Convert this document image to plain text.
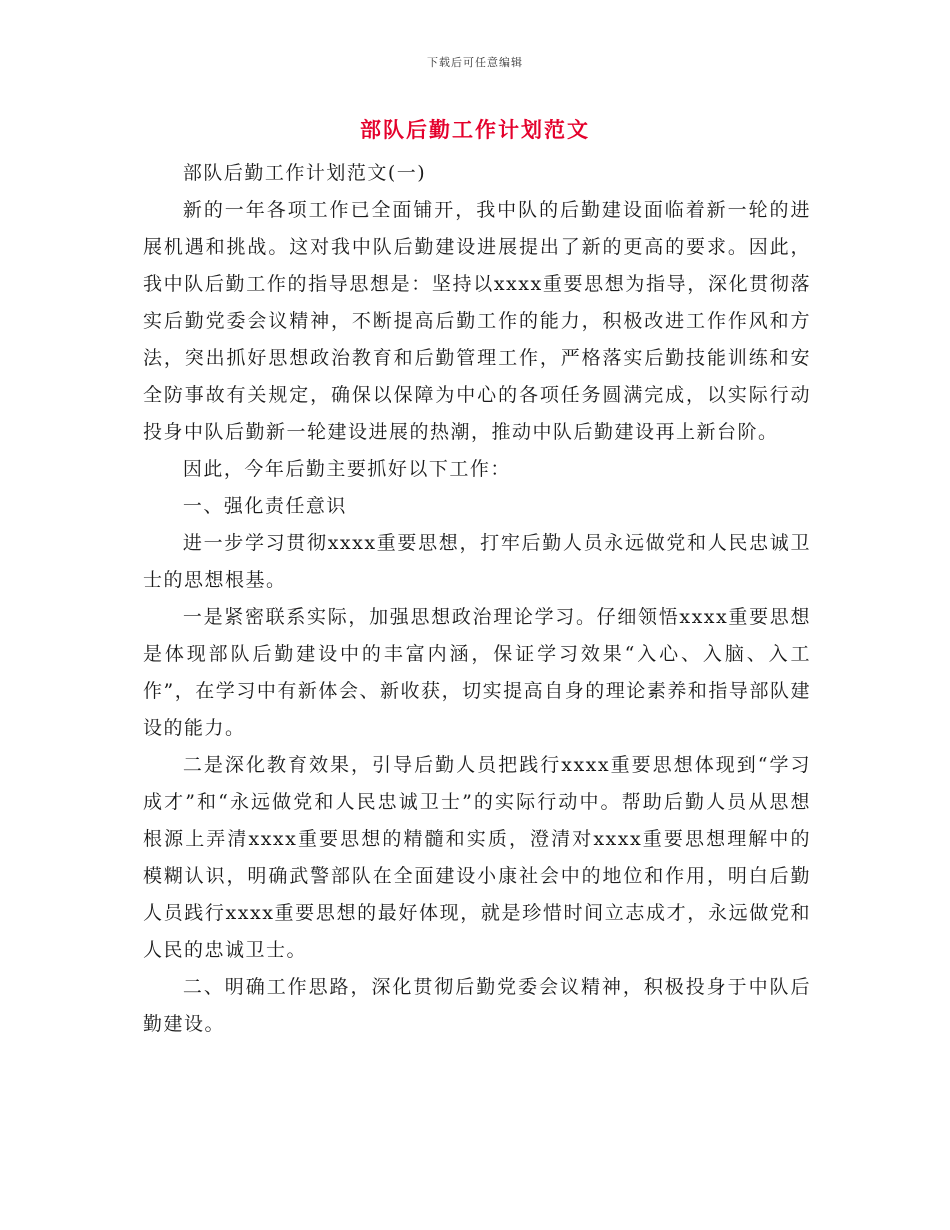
下载后可任意编辑
部队后勤工作计划范文

部队后勤工作计划范文(一)

新的一年各项工作已全面铺开，我中队的后勤建设面临着新一轮的进展机遇和挑战。这对我中队后勤建设进展提出了新的更高的要求。因此，我中队后勤工作的指导思想是：坚持以xxxx重要思想为指导，深化贯彻落实后勤党委会议精神，不断提高后勤工作的能力，积极改进工作作风和方法，突出抓好思想政治教育和后勤管理工作，严格落实后勤技能训练和安全防事故有关规定，确保以保障为中心的各项任务圆满完成，以实际行动投身中队后勤新一轮建设进展的热潮，推动中队后勤建设再上新台阶。

因此，今年后勤主要抓好以下工作：

一、强化责任意识

进一步学习贯彻xxxx重要思想，打牢后勤人员永远做党和人民忠诚卫士的思想根基。

一是紧密联系实际，加强思想政治理论学习。仔细领悟xxxx重要思想是体现部队后勤建设中的丰富内涵，保证学习效果“入心、入脑、入工作”，在学习中有新体会、新收获，切实提高自身的理论素养和指导部队建设的能力。

二是深化教育效果，引导后勤人员把践行xxxx重要思想体现到“学习成才”和“永远做党和人民忠诚卫士”的实际行动中。帮助后勤人员从思想根源上弄清xxxx重要思想的精髓和实质，澄清对xxxx重要思想理解中的模糊认识，明确武警部队在全面建设小康社会中的地位和作用，明白后勤人员践行xxxx重要思想的最好体现，就是珍惜时间立志成才，永远做党和人民的忠诚卫士。

二、明确工作思路，深化贯彻后勤党委会议精神，积极投身于中队后勤建设。
